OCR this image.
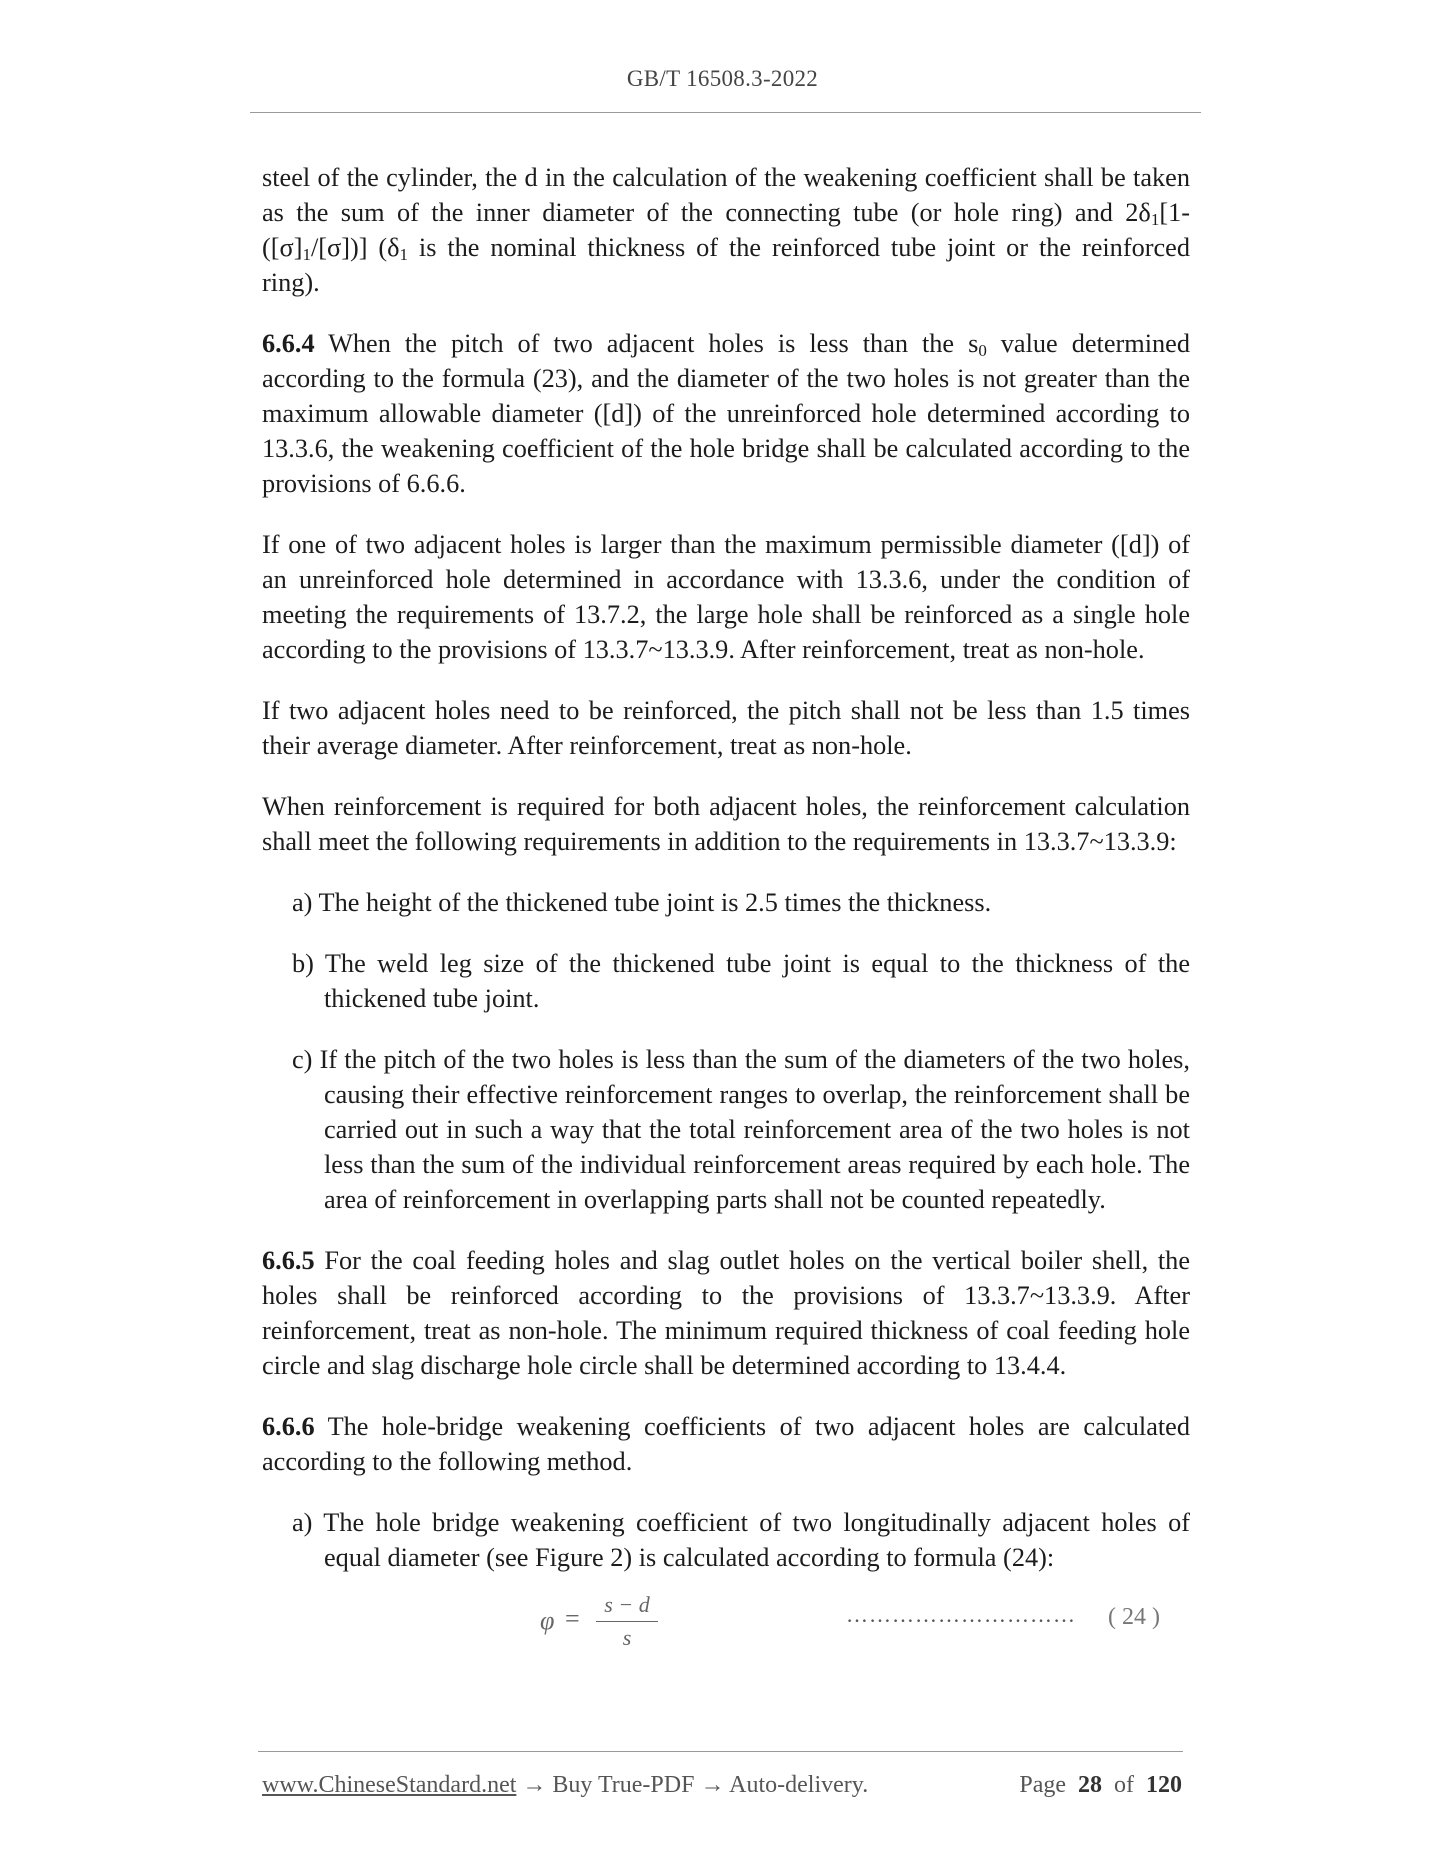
GB/T 16508.3-2022

steel of the cylinder, the d in the calculation of the weakening coefficient shall be taken as the sum of the inner diameter of the connecting tube (or hole ring) and $2\delta_1[1-([\sigma]_1/[\sigma])]$ ($\delta_1$ is the nominal thickness of the reinforced tube joint or the reinforced ring).

6.6.4 When the pitch of two adjacent holes is less than the $s_0$ value determined according to the formula (23), and the diameter of the two holes is not greater than the maximum allowable diameter ([d]) of the unreinforced hole determined according to 13.3.6, the weakening coefficient of the hole bridge shall be calculated according to the provisions of 6.6.6.

If one of two adjacent holes is larger than the maximum permissible diameter ([d]) of an unreinforced hole determined in accordance with 13.3.6, under the condition of meeting the requirements of 13.7.2, the large hole shall be reinforced as a single hole according to the provisions of 13.3.7~13.3.9. After reinforcement, treat as non-hole.

If two adjacent holes need to be reinforced, the pitch shall not be less than 1.5 times their average diameter. After reinforcement, treat as non-hole.

When reinforcement is required for both adjacent holes, the reinforcement calculation shall meet the following requirements in addition to the requirements in 13.3.7~13.3.9:

a) The height of the thickened tube joint is 2.5 times the thickness.

b) The weld leg size of the thickened tube joint is equal to the thickness of the thickened tube joint.

c) If the pitch of the two holes is less than the sum of the diameters of the two holes, causing their effective reinforcement ranges to overlap, the reinforcement shall be carried out in such a way that the total reinforcement area of the two holes is not less than the sum of the individual reinforcement areas required by each hole. The area of reinforcement in overlapping parts shall not be counted repeatedly.

6.6.5 For the coal feeding holes and slag outlet holes on the vertical boiler shell, the holes shall be reinforced according to the provisions of 13.3.7~13.3.9. After reinforcement, treat as non-hole. The minimum required thickness of coal feeding hole circle and slag discharge hole circle shall be determined according to 13.4.4.

6.6.6 The hole-bridge weakening coefficients of two adjacent holes are calculated according to the following method.

a) The hole bridge weakening coefficient of two longitudinally adjacent holes of equal diameter (see Figure 2) is calculated according to formula (24):

φ =	s − d
s
………………………… ( 24 )
www.ChineseStandard.net → Buy True-PDF → Auto-delivery.	Page 28 of 120
